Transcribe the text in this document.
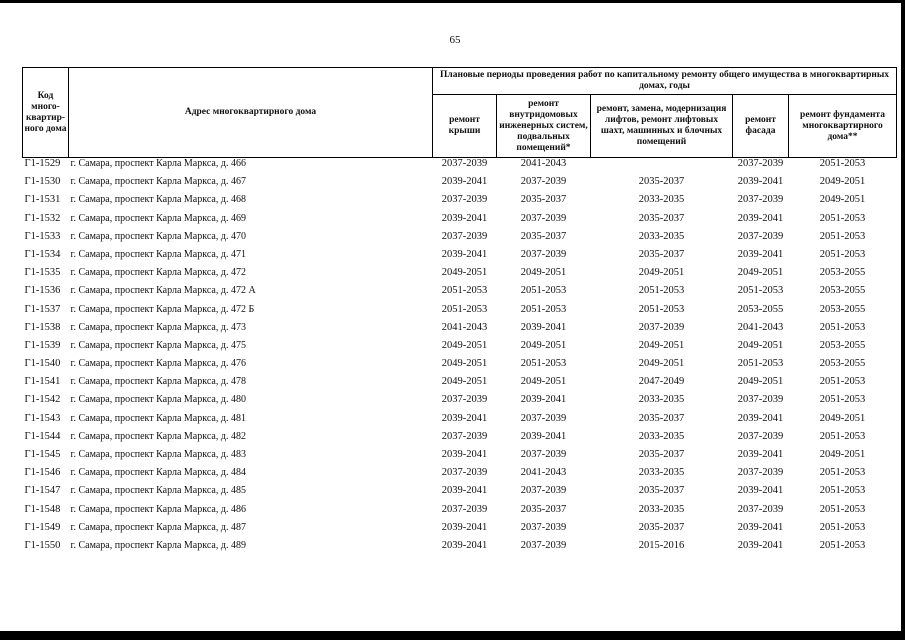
65
Код много-квартир-ного дома	Адрес многоквартирного дома	Плановые периоды проведения работ по капитальному ремонту общего имущества в многоквартирных домах, годы				
		ремонт крыши	ремонт внутридомовых инженерных систем, подвальных помещений*	ремонт, замена, модернизация лифтов, ремонт лифтовых шахт, машинных и блочных помещений	ремонт фасада	ремонт фундамента многоквартирного дома**
Г1-1529	г. Самара, проспект Карла Маркса, д. 466	2037-2039	2041-2043		2037-2039	2051-2053
Г1-1530	г. Самара, проспект Карла Маркса, д. 467	2039-2041	2037-2039	2035-2037	2039-2041	2049-2051
Г1-1531	г. Самара, проспект Карла Маркса, д. 468	2037-2039	2035-2037	2033-2035	2037-2039	2049-2051
Г1-1532	г. Самара, проспект Карла Маркса, д. 469	2039-2041	2037-2039	2035-2037	2039-2041	2051-2053
Г1-1533	г. Самара, проспект Карла Маркса, д. 470	2037-2039	2035-2037	2033-2035	2037-2039	2051-2053
Г1-1534	г. Самара, проспект Карла Маркса, д. 471	2039-2041	2037-2039	2035-2037	2039-2041	2051-2053
Г1-1535	г. Самара, проспект Карла Маркса, д. 472	2049-2051	2049-2051	2049-2051	2049-2051	2053-2055
Г1-1536	г. Самара, проспект Карла Маркса, д. 472 А	2051-2053	2051-2053	2051-2053	2051-2053	2053-2055
Г1-1537	г. Самара, проспект Карла Маркса, д. 472 Б	2051-2053	2051-2053	2051-2053	2053-2055	2053-2055
Г1-1538	г. Самара, проспект Карла Маркса, д. 473	2041-2043	2039-2041	2037-2039	2041-2043	2051-2053
Г1-1539	г. Самара, проспект Карла Маркса, д. 475	2049-2051	2049-2051	2049-2051	2049-2051	2053-2055
Г1-1540	г. Самара, проспект Карла Маркса, д. 476	2049-2051	2051-2053	2049-2051	2051-2053	2053-2055
Г1-1541	г. Самара, проспект Карла Маркса, д. 478	2049-2051	2049-2051	2047-2049	2049-2051	2051-2053
Г1-1542	г. Самара, проспект Карла Маркса, д. 480	2037-2039	2039-2041	2033-2035	2037-2039	2051-2053
Г1-1543	г. Самара, проспект Карла Маркса, д. 481	2039-2041	2037-2039	2035-2037	2039-2041	2049-2051
Г1-1544	г. Самара, проспект Карла Маркса, д. 482	2037-2039	2039-2041	2033-2035	2037-2039	2051-2053
Г1-1545	г. Самара, проспект Карла Маркса, д. 483	2039-2041	2037-2039	2035-2037	2039-2041	2049-2051
Г1-1546	г. Самара, проспект Карла Маркса, д. 484	2037-2039	2041-2043	2033-2035	2037-2039	2051-2053
Г1-1547	г. Самара, проспект Карла Маркса, д. 485	2039-2041	2037-2039	2035-2037	2039-2041	2051-2053
Г1-1548	г. Самара, проспект Карла Маркса, д. 486	2037-2039	2035-2037	2033-2035	2037-2039	2051-2053
Г1-1549	г. Самара, проспект Карла Маркса, д. 487	2039-2041	2037-2039	2035-2037	2039-2041	2051-2053
Г1-1550	г. Самара, проспект Карла Маркса, д. 489	2039-2041	2037-2039	2015-2016	2039-2041	2051-2053
